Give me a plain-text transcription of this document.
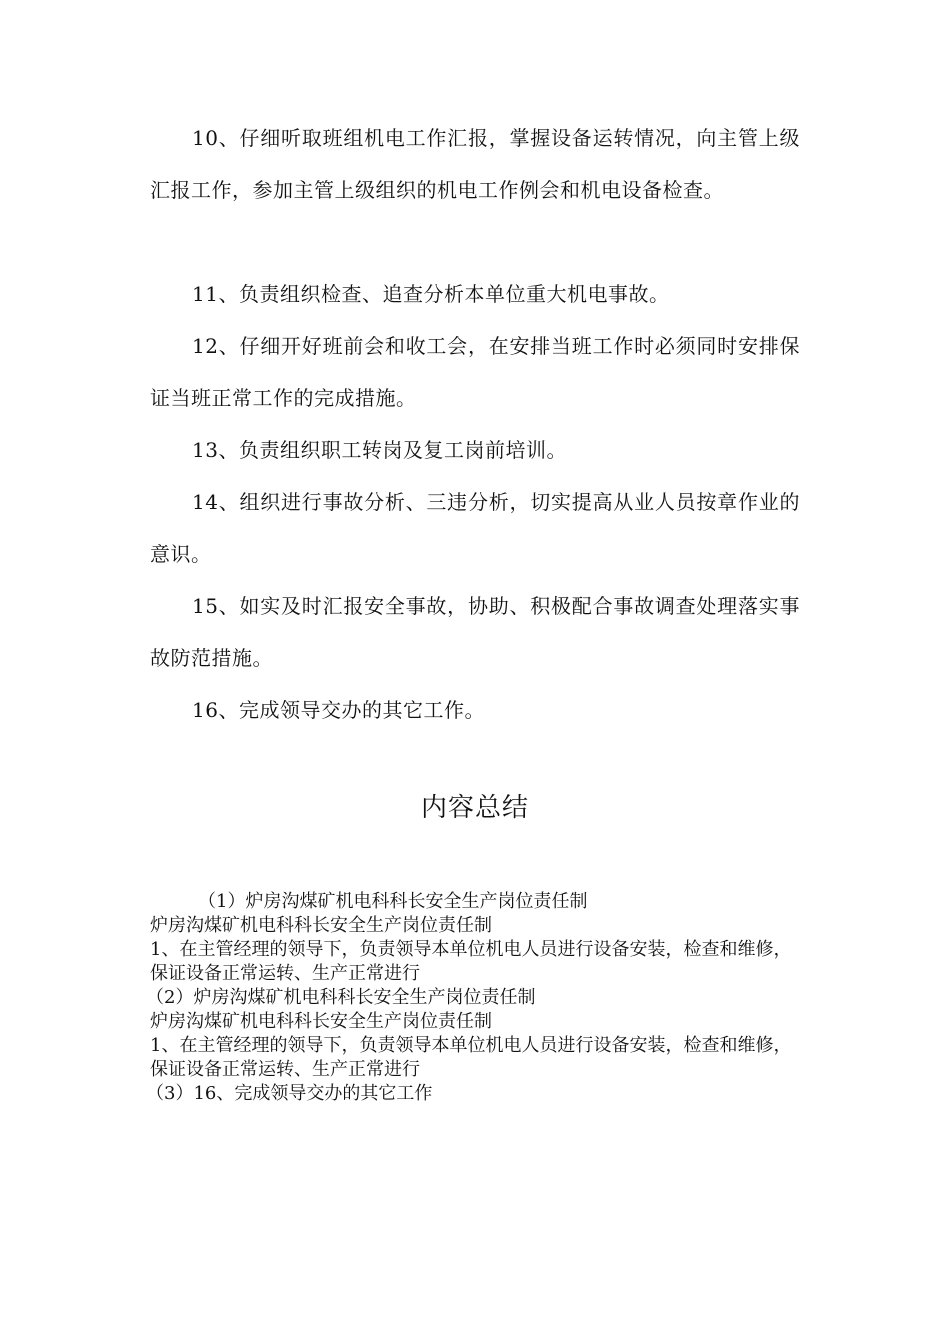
10、仔细听取班组机电工作汇报，掌握设备运转情况，向主管上级汇报工作，参加主管上级组织的机电工作例会和机电设备检查。
11、负责组织检查、追查分析本单位重大机电事故。
12、仔细开好班前会和收工会，在安排当班工作时必须同时安排保证当班正常工作的完成措施。
13、负责组织职工转岗及复工岗前培训。
14、组织进行事故分析、三违分析，切实提高从业人员按章作业的意识。
15、如实及时汇报安全事故，协助、积极配合事故调查处理落实事故防范措施。
16、完成领导交办的其它工作。
内容总结
（1）炉房沟煤矿机电科科长安全生产岗位责任制
炉房沟煤矿机电科科长安全生产岗位责任制
1、在主管经理的领导下，负责领导本单位机电人员进行设备安装，检查和维修，保证设备正常运转、生产正常进行
（2）炉房沟煤矿机电科科长安全生产岗位责任制
炉房沟煤矿机电科科长安全生产岗位责任制
1、在主管经理的领导下，负责领导本单位机电人员进行设备安装，检查和维修，保证设备正常运转、生产正常进行
（3）16、完成领导交办的其它工作
